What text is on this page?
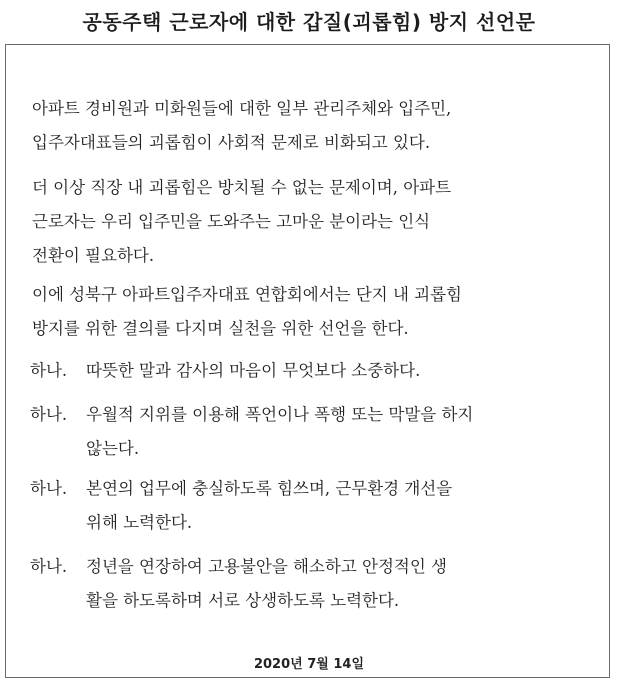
공동주택 근로자에 대한 갑질(괴롭힘) 방지 선언문
아파트 경비원과 미화원들에 대한 일부 관리주체와 입주민,
입주자대표들의 괴롭힘이 사회적 문제로 비화되고 있다.
더 이상 직장 내 괴롭힘은 방치될 수 없는 문제이며, 아파트
근로자는 우리 입주민을 도와주는 고마운 분이라는 인식
전환이 필요하다.
이에 성북구 아파트입주자대표 연합회에서는 단지 내 괴롭힘
방지를 위한 결의를 다지며 실천을 위한 선언을 한다.
하나. 따뜻한 말과 감사의 마음이 무엇보다 소중하다.
하나. 우월적 지위를 이용해 폭언이나 폭행 또는 막말을 하지
않는다.
하나. 본연의 업무에 충실하도록 힘쓰며, 근무환경 개선을
위해 노력한다.
하나. 정년을 연장하여 고용불안을 해소하고 안정적인 생
활을 하도록하며 서로 상생하도록 노력한다.
2020년 7월 14일
